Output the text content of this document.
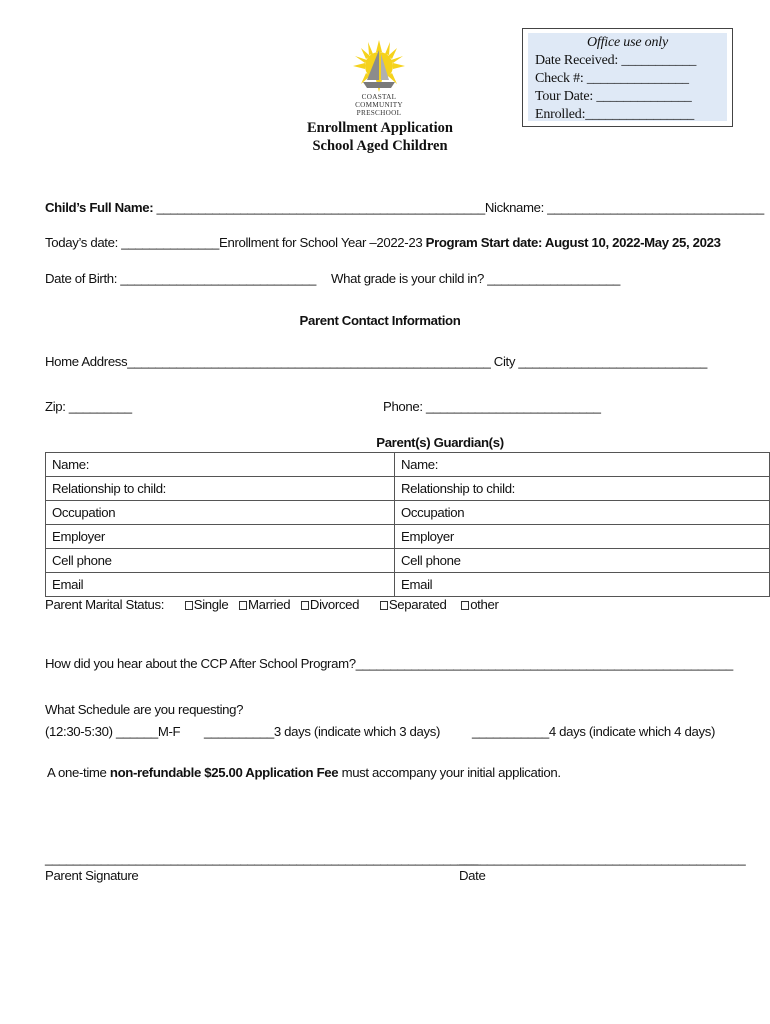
Office use only
Date Received: ___________
Check #: _______________
Tour Date: ______________
Enrolled:________________
COASTAL
COMMUNITY
PRESCHOOL
Enrollment Application
School Aged Children
Child’s Full Name: _______________________________________________Nickname: _______________________________
Today’s date: ______________Enrollment for School Year –2022-23 Program Start date: August 10, 2022-May 25, 2023
Date of Birth: ____________________________ What grade is your child in? ___________________
Parent Contact Information
Home Address____________________________________________________ City ___________________________
Zip: _________	Phone: _________________________
Parent(s) Guardian(s)
Name:	Name:
Relationship to child:	Relationship to child:
Occupation	Occupation
Employer	Employer
Cell phone	Cell phone
Email	Email
Parent Marital Status: Single Married Divorced Separated other
How did you hear about the CCP After School Program?______________________________________________________
What Schedule are you requesting?
(12:30-5:30) ______M-F __________3 days (indicate which 3 days) ___________4 days (indicate which 4 days)
A one-time non-refundable $25.00 Application Fee must accompany your initial application.
______________________________________________________________
_________________________________________
Parent Signature	Date
